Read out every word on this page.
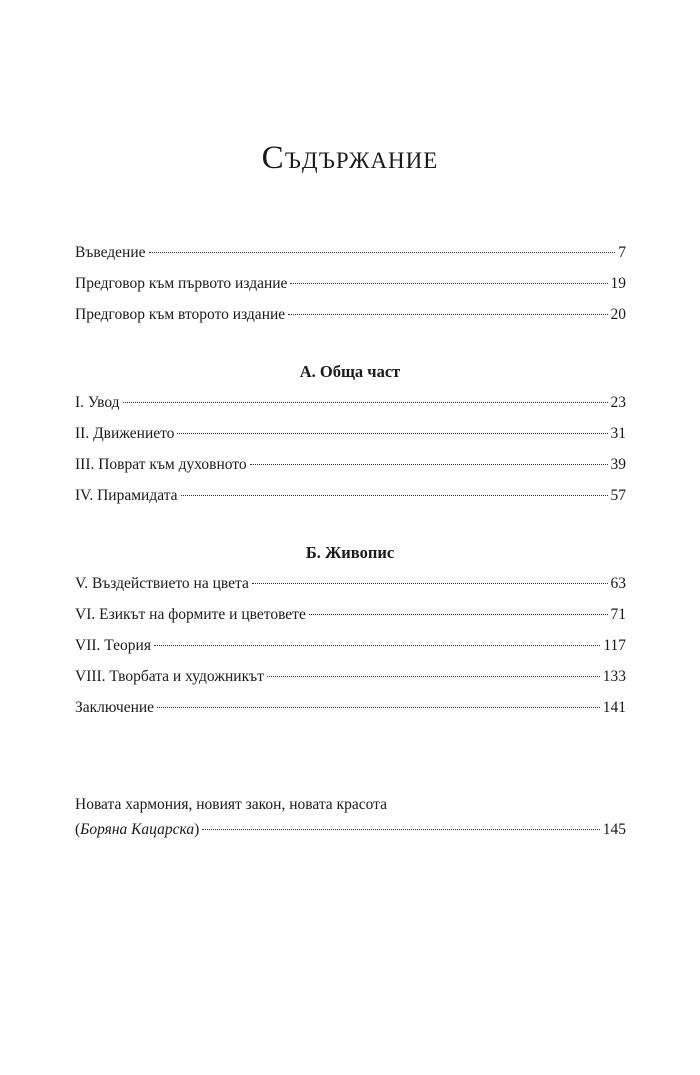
Съдържание
Въведение	7
Предговор към първото издание	19
Предговор към второто издание	20
А. Обща част
I. Увод	23
II. Движението	31
III. Поврат към духовното	39
IV. Пирамидата	57
Б. Живопис
V. Въздействието на цвета	63
VI. Езикът на формите и цветовете	71
VII. Теория	117
VIII. Творбата и художникът	133
Заключение	141
Новата хармония, новият закон, новата красота
(Боряна Кацарска)	145
